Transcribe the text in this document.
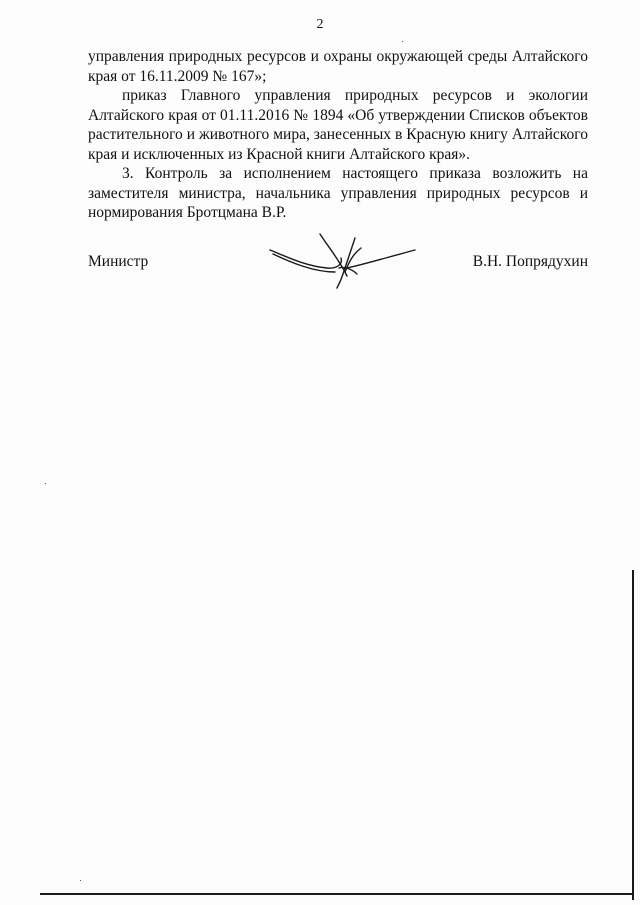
2

управления природных ресурсов и охраны окружающей среды Алтайского края от 16.11.2009 № 167»;

приказ Главного управления природных ресурсов и экологии Алтайского края от 01.11.2016 № 1894 «Об утверждении Списков объектов растительного и животного мира, занесенных в Красную книгу Алтайского края и исключенных из Красной книги Алтайского края».

3. Контроль за исполнением настоящего приказа возложить на заместителя министра, начальника управления природных ресурсов и нормирования Бротцмана В.Р.

Министр	В.Н. Попрядухин
